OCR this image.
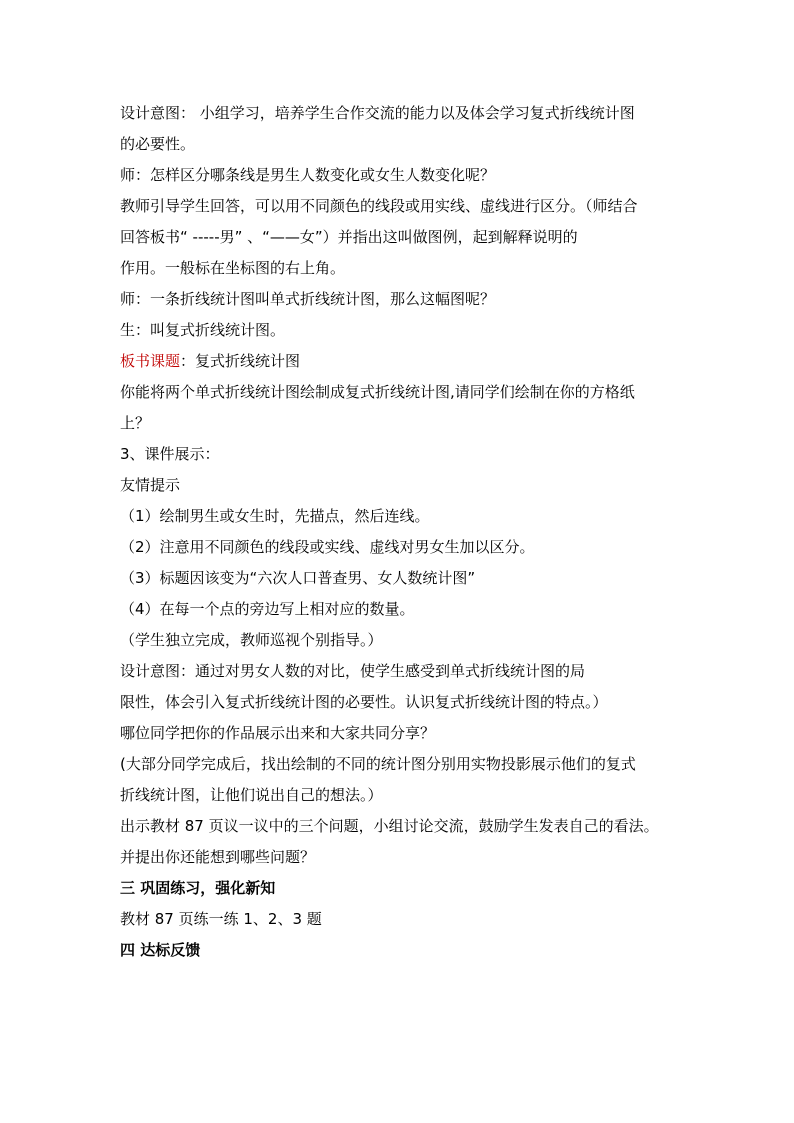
设计意图： 小组学习，培养学生合作交流的能力以及体会学习复式折线统计图

的必要性。

师：怎样区分哪条线是男生人数变化或女生人数变化呢？

教师引导学生回答，可以用不同颜色的线段或用实线、虚线进行区分。（师结合

回答板书“ -----男” 、“——女”）并指出这叫做图例，起到解释说明的

作用。一般标在坐标图的右上角。

师：一条折线统计图叫单式折线统计图，那么这幅图呢？

生：叫复式折线统计图。

板书课题：复式折线统计图

你能将两个单式折线统计图绘制成复式折线统计图,请同学们绘制在你的方格纸

上？

3、课件展示：

友情提示

（1）绘制男生或女生时，先描点，然后连线。

（2）注意用不同颜色的线段或实线、虚线对男女生加以区分。

（3）标题因该变为“六次人口普查男、女人数统计图”

（4）在每一个点的旁边写上相对应的数量。

（学生独立完成，教师巡视个别指导。）

设计意图：通过对男女人数的对比，使学生感受到单式折线统计图的局

限性，体会引入复式折线统计图的必要性。认识复式折线统计图的特点。）

哪位同学把你的作品展示出来和大家共同分享？

(大部分同学完成后，找出绘制的不同的统计图分别用实物投影展示他们的复式

折线统计图，让他们说出自己的想法。）

出示教材 87 页议一议中的三个问题，小组讨论交流，鼓励学生发表自己的看法。

并提出你还能想到哪些问题？

三 巩固练习，强化新知

教材 87 页练一练 1、2、3 题

四 达标反馈
